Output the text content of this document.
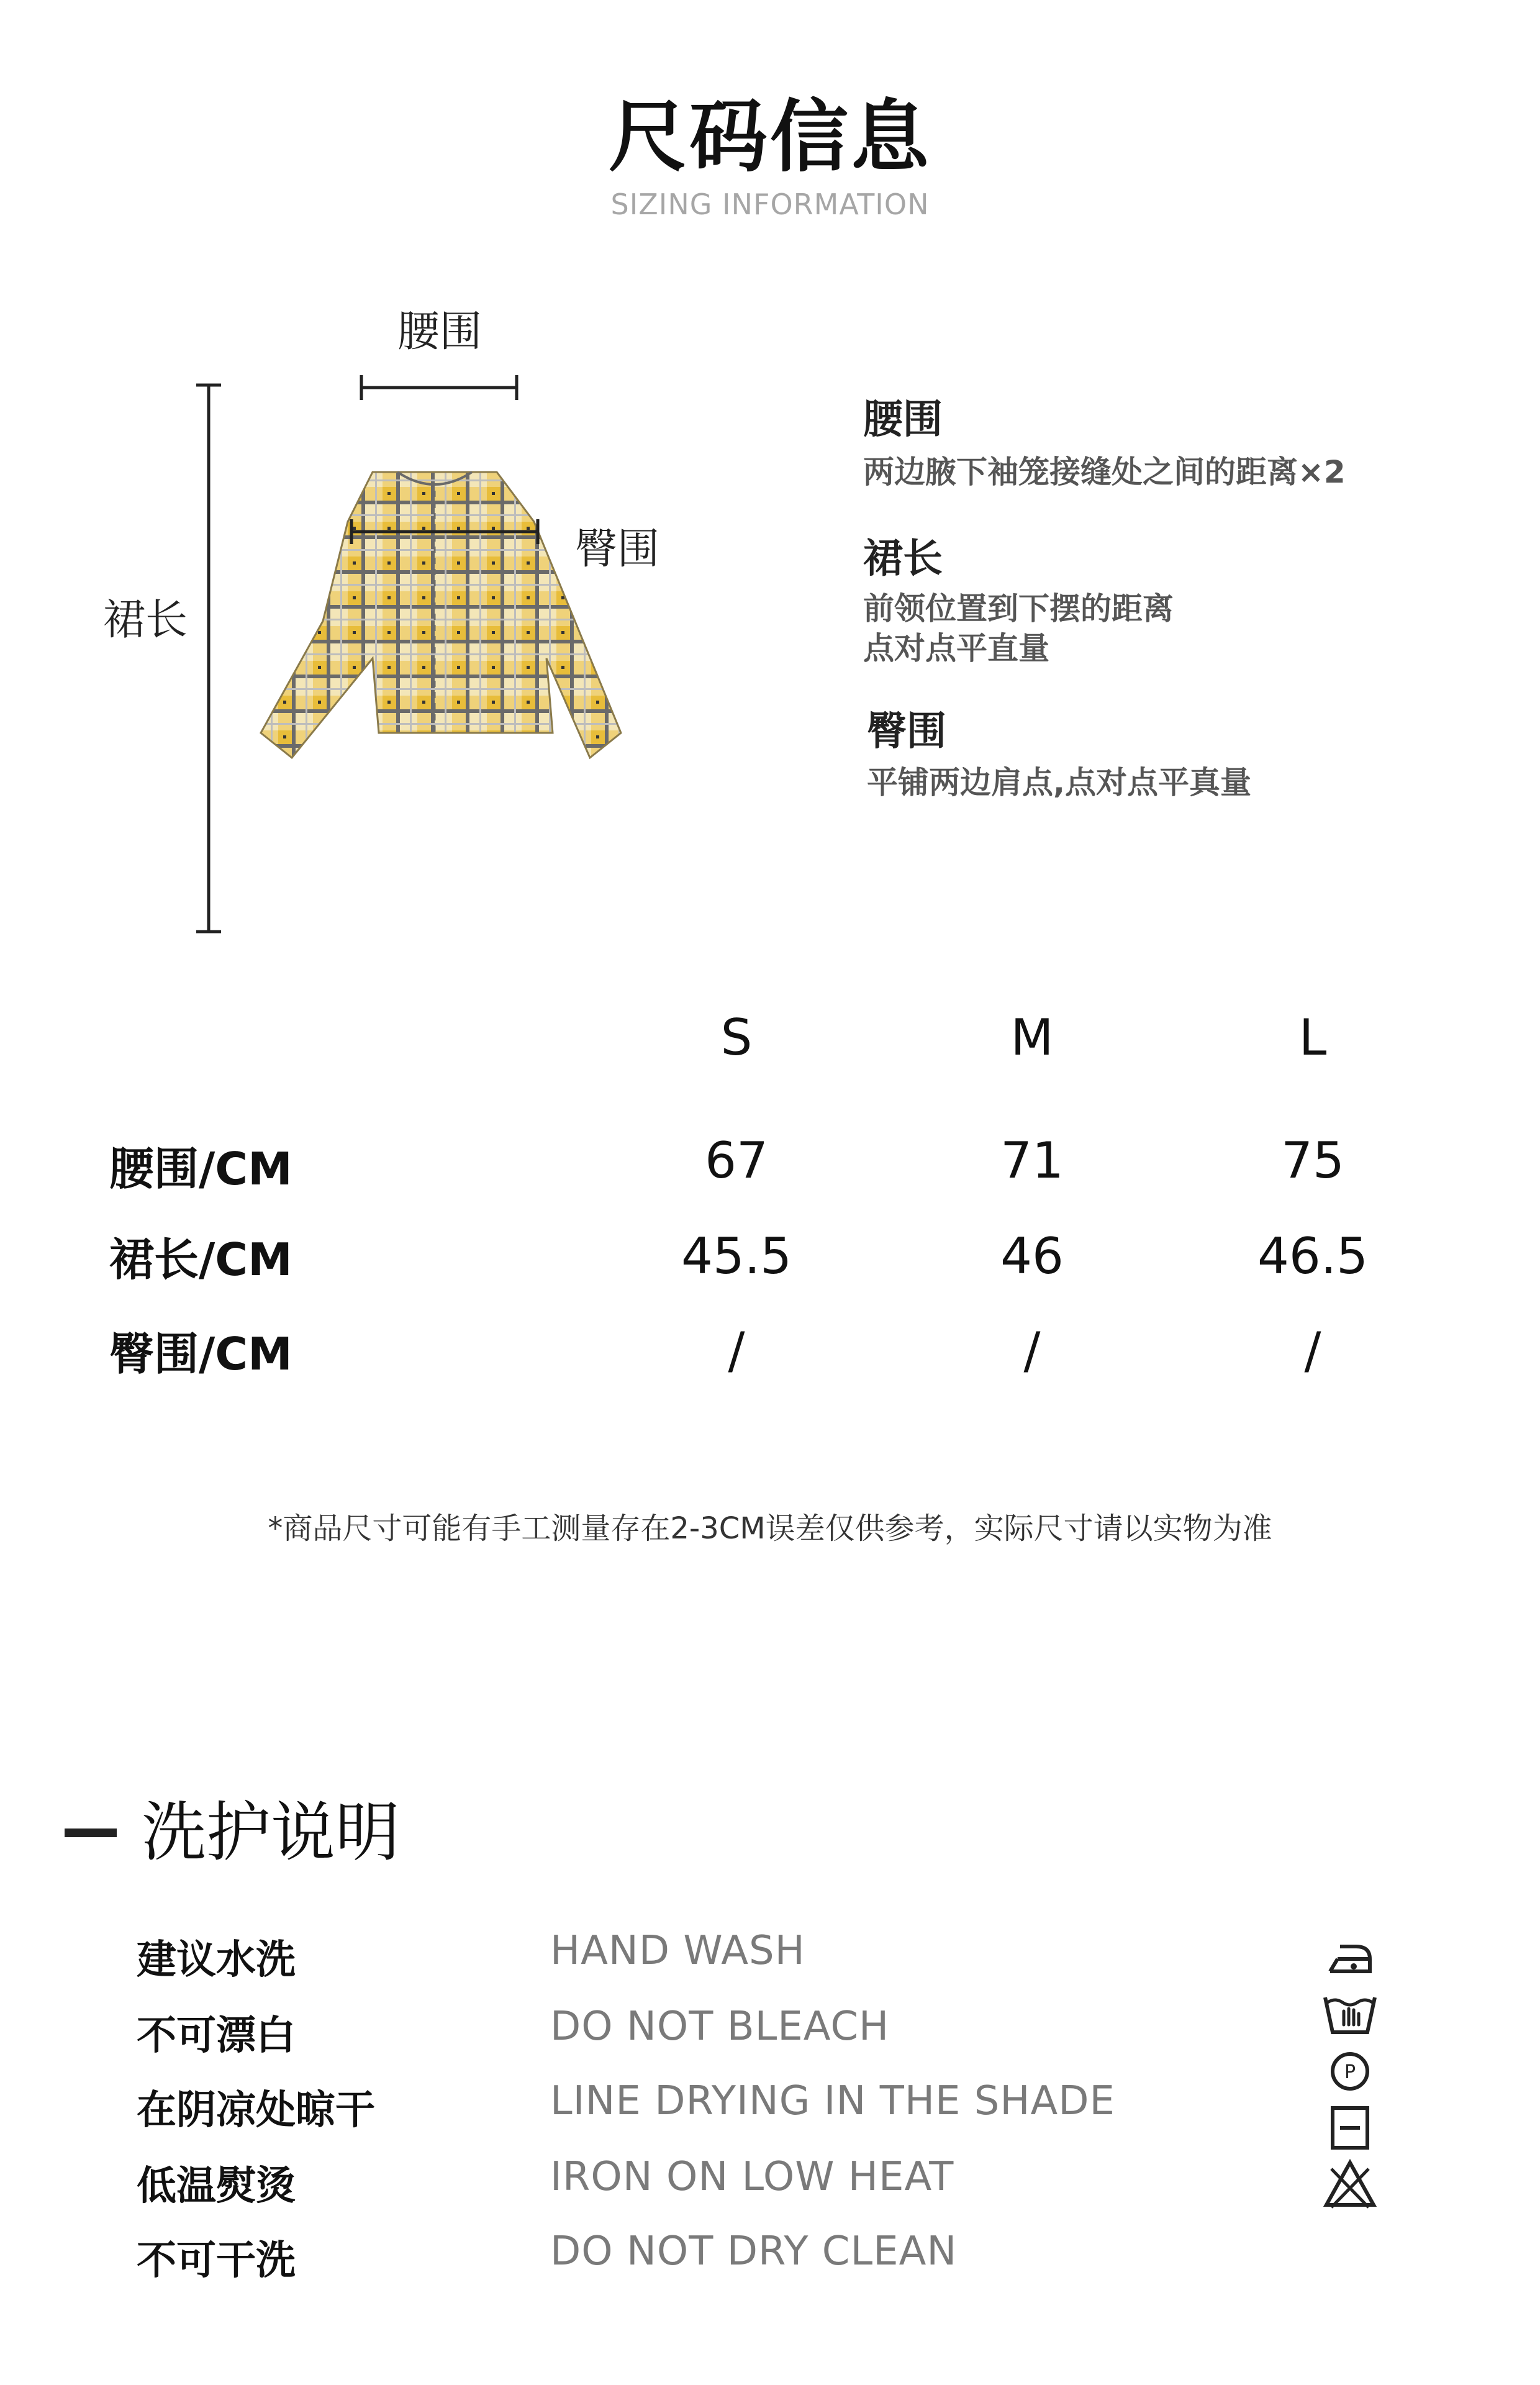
尺码信息
SIZING INFORMATION
腰围
臀围
裙长
腰围
两边腋下袖笼接缝处之间的距离×2
裙长
前领位置到下摆的距离
点对点平直量
臀围
平铺两边肩点,点对点平真量
S	M	L
腰围/CM	67	71	75
裙长/CM	45.5	46	46.5
臀围/CM	/	/	/
*商品尺寸可能有手工测量存在2-3CM误差仅供参考，实际尺寸请以实物为准
洗护说明
建议水洗	HAND WASH
不可漂白	DO NOT BLEACH
在阴凉处晾干	LINE DRYING IN THE SHADE
低温熨烫	IRON ON LOW HEAT
不可干洗	DO NOT DRY CLEAN
P
